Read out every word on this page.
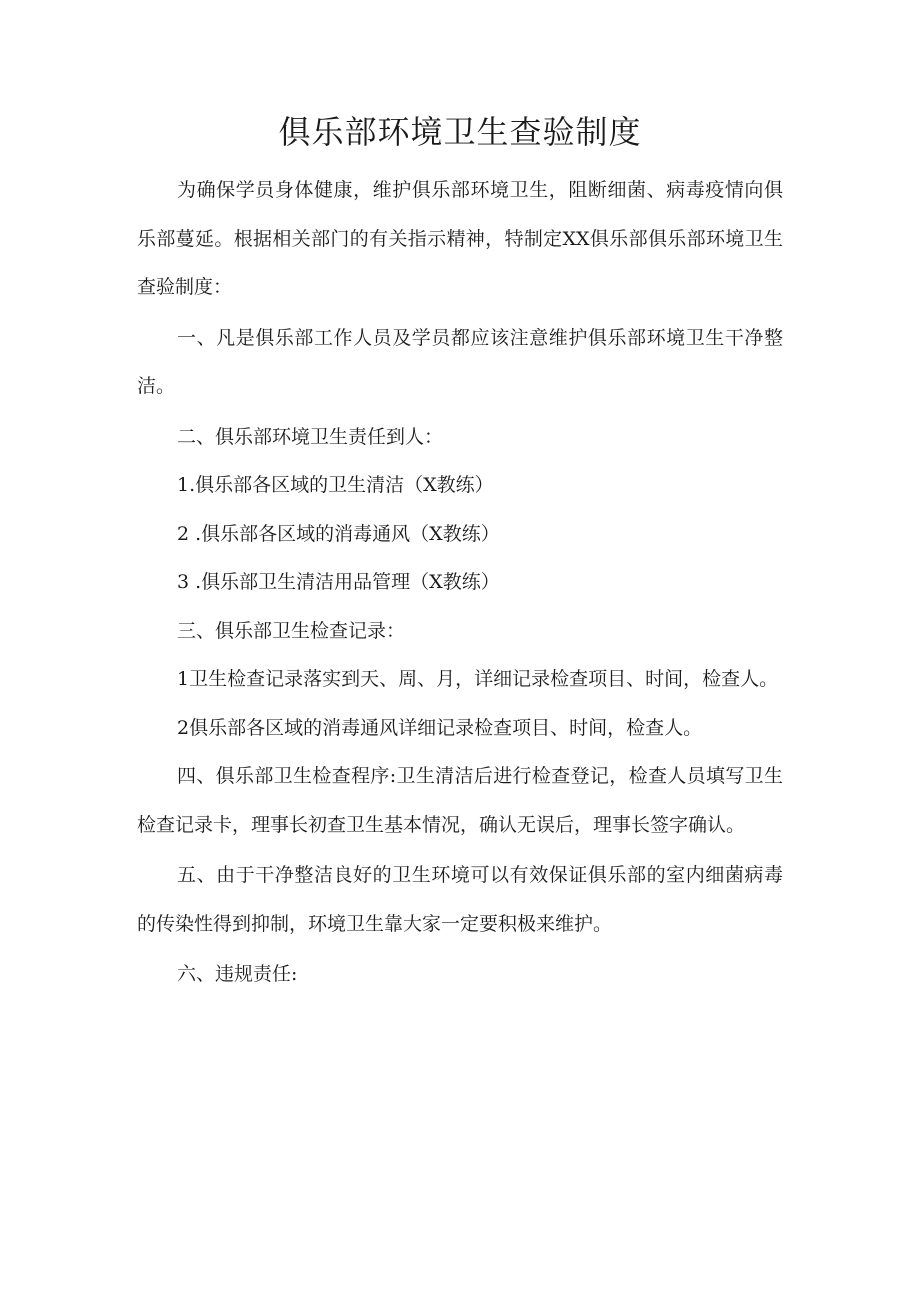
俱乐部环境卫生查验制度

为确保学员身体健康，维护俱乐部环境卫生，阻断细菌、病毒疫情向俱乐部蔓延。根据相关部门的有关指示精神，特制定XX俱乐部俱乐部环境卫生查验制度：

一、凡是俱乐部工作人员及学员都应该注意维护俱乐部环境卫生干净整洁。

二、俱乐部环境卫生责任到人：

1.俱乐部各区域的卫生清洁（X教练）

2 .俱乐部各区域的消毒通风（X教练）

3 .俱乐部卫生清洁用品管理（X教练）

三、俱乐部卫生检查记录：

1卫生检查记录落实到天、周、月，详细记录检查项目、时间，检查人。

2俱乐部各区域的消毒通风详细记录检查项目、时间，检查人。

四、俱乐部卫生检查程序:卫生清洁后进行检查登记，检查人员填写卫生检查记录卡，理事长初查卫生基本情况，确认无误后，理事长签字确认。

五、由于干净整洁良好的卫生环境可以有效保证俱乐部的室内细菌病毒的传染性得到抑制，环境卫生靠大家一定要积极来维护。

六、违规责任:
